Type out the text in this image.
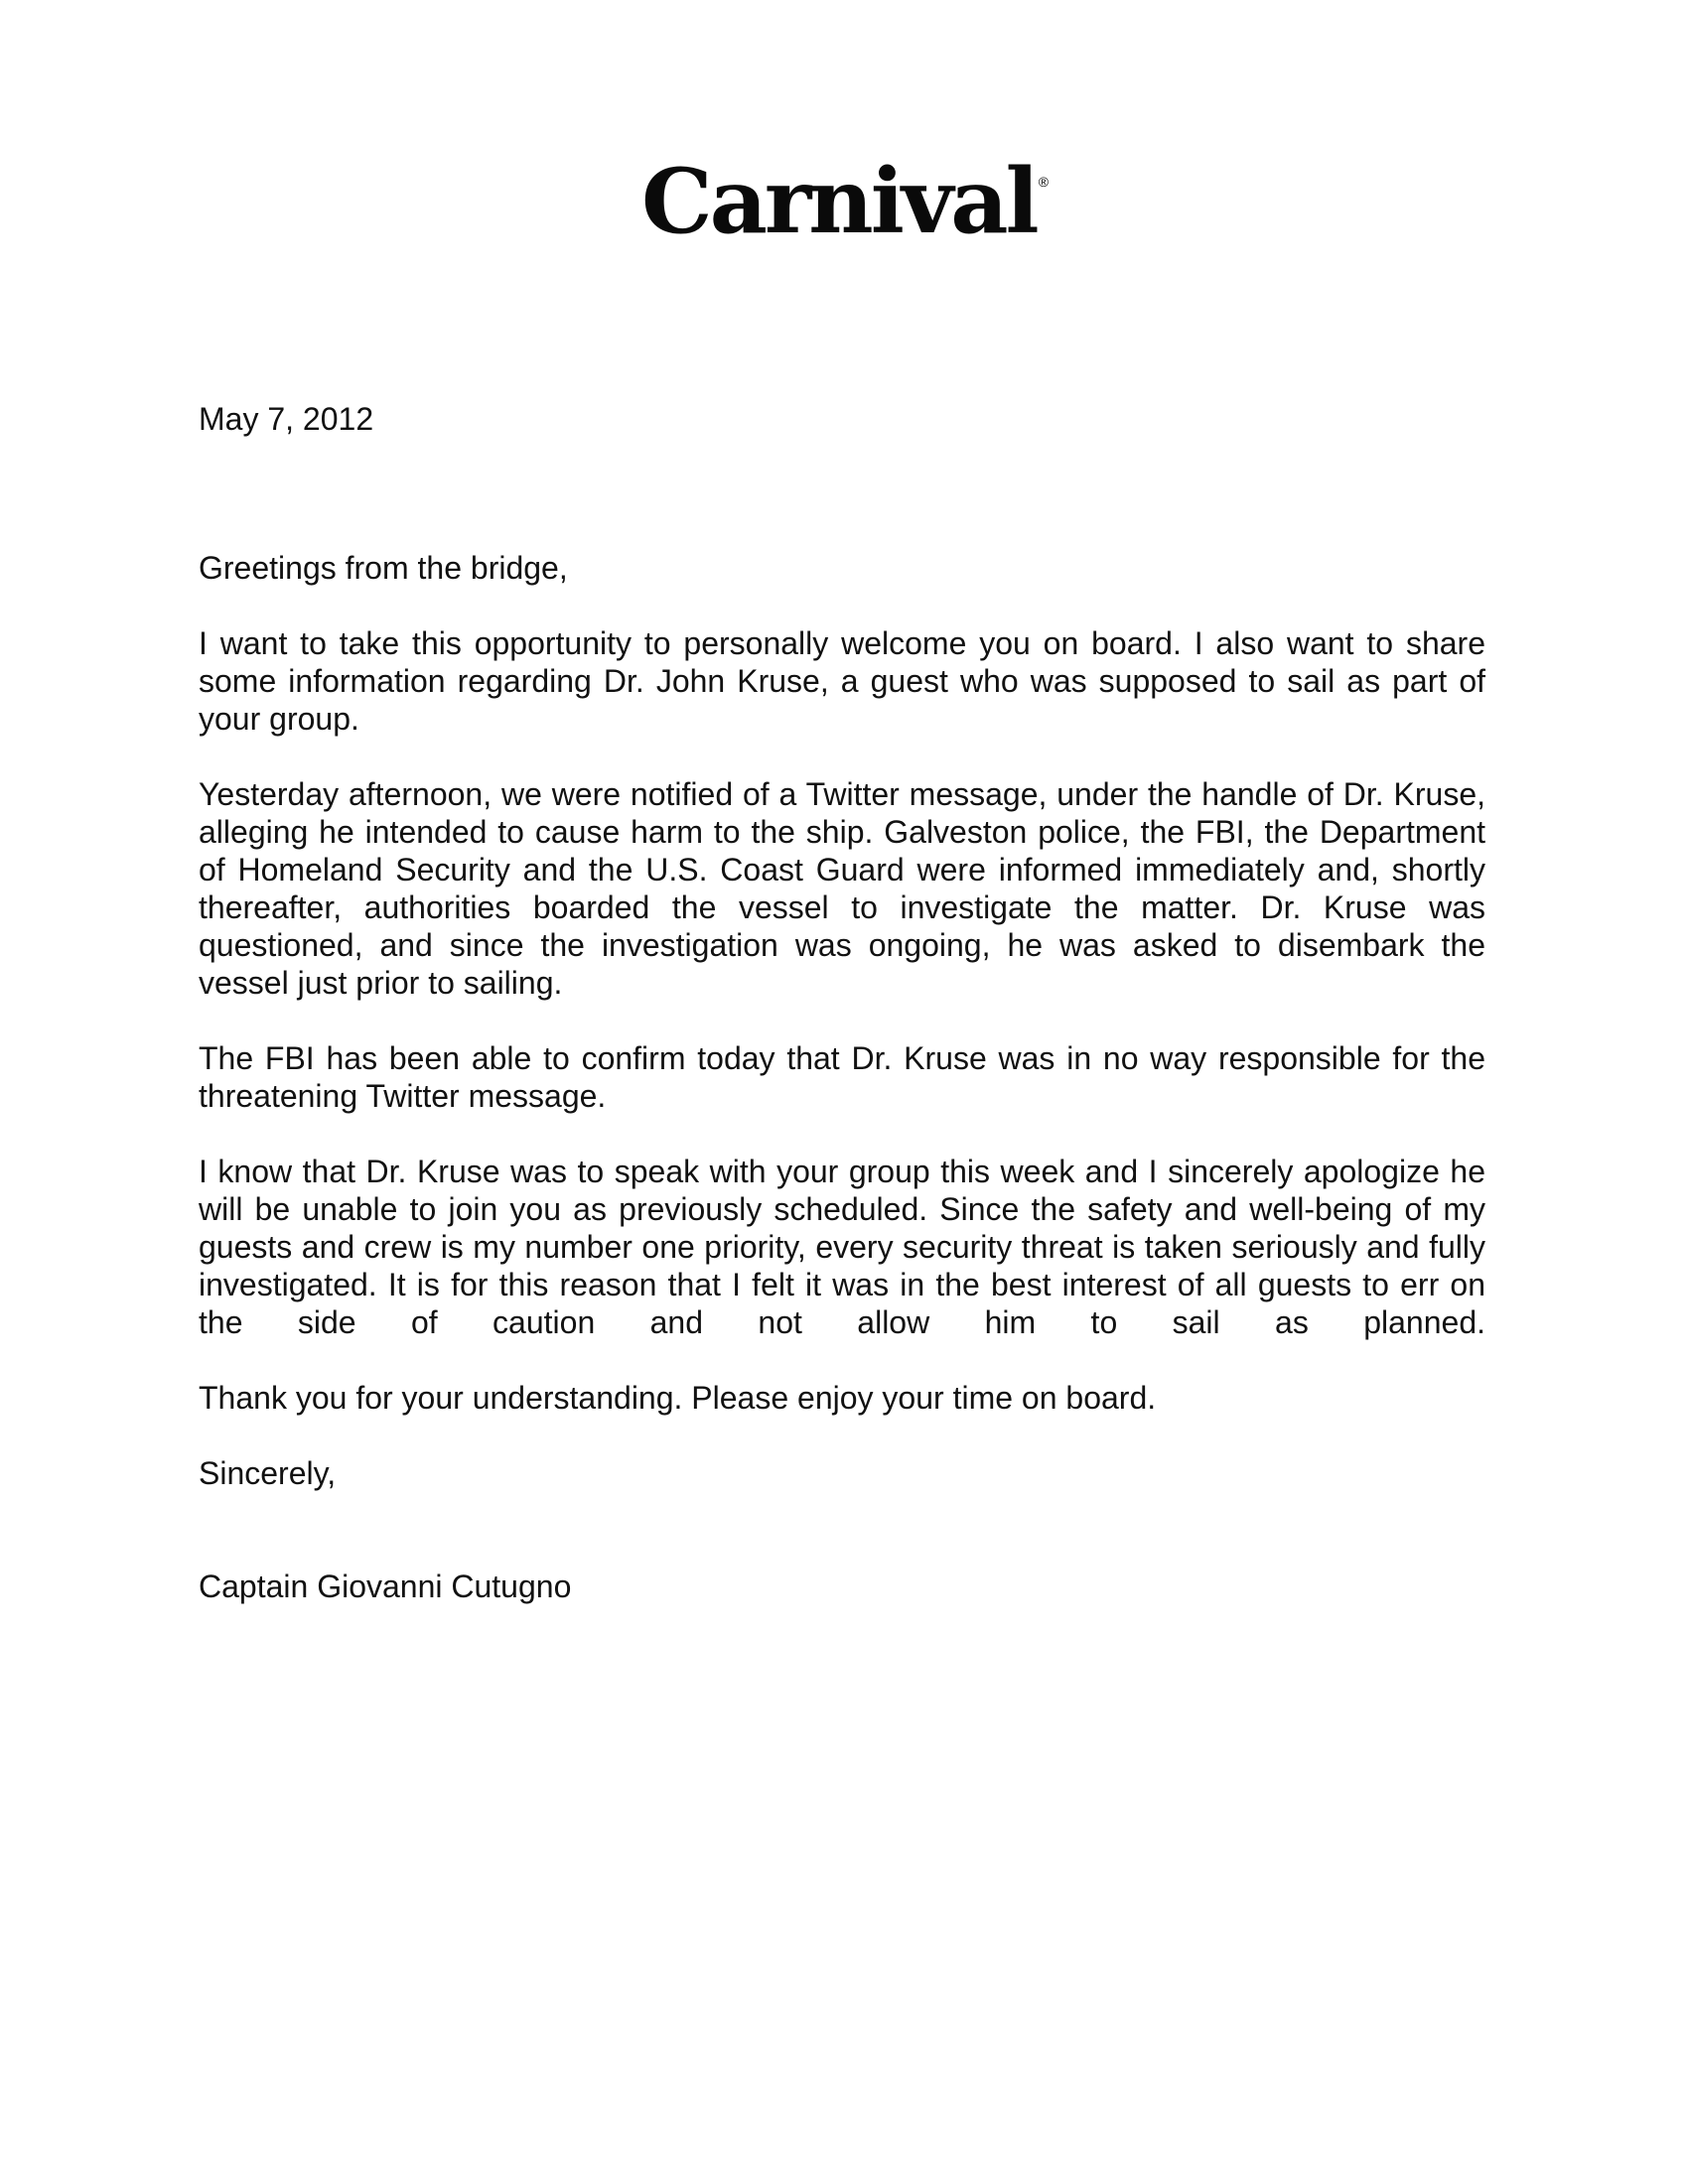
Carnival ®

May 7, 2012

Greetings from the bridge,

I want to take this opportunity to personally welcome you on board. I also want to share some information regarding Dr. John Kruse, a guest who was supposed to sail as part of your group.

Yesterday afternoon, we were notified of a Twitter message, under the handle of Dr. Kruse, alleging he intended to cause harm to the ship. Galveston police, the FBI, the Department of Homeland Security and the U.S. Coast Guard were informed immediately and, shortly thereafter, authorities boarded the vessel to investigate the matter. Dr. Kruse was questioned, and since the investigation was ongoing, he was asked to disembark the vessel just prior to sailing.

The FBI has been able to confirm today that Dr. Kruse was in no way responsible for the threatening Twitter message.

I know that Dr. Kruse was to speak with your group this week and I sincerely apologize he will be unable to join you as previously scheduled. Since the safety and well-being of my guests and crew is my number one priority, every security threat is taken seriously and fully investigated. It is for this reason that I felt it was in the best interest of all guests to err on the side of caution and not allow him to sail as planned.

Thank you for your understanding. Please enjoy your time on board.

Sincerely,

Captain Giovanni Cutugno
